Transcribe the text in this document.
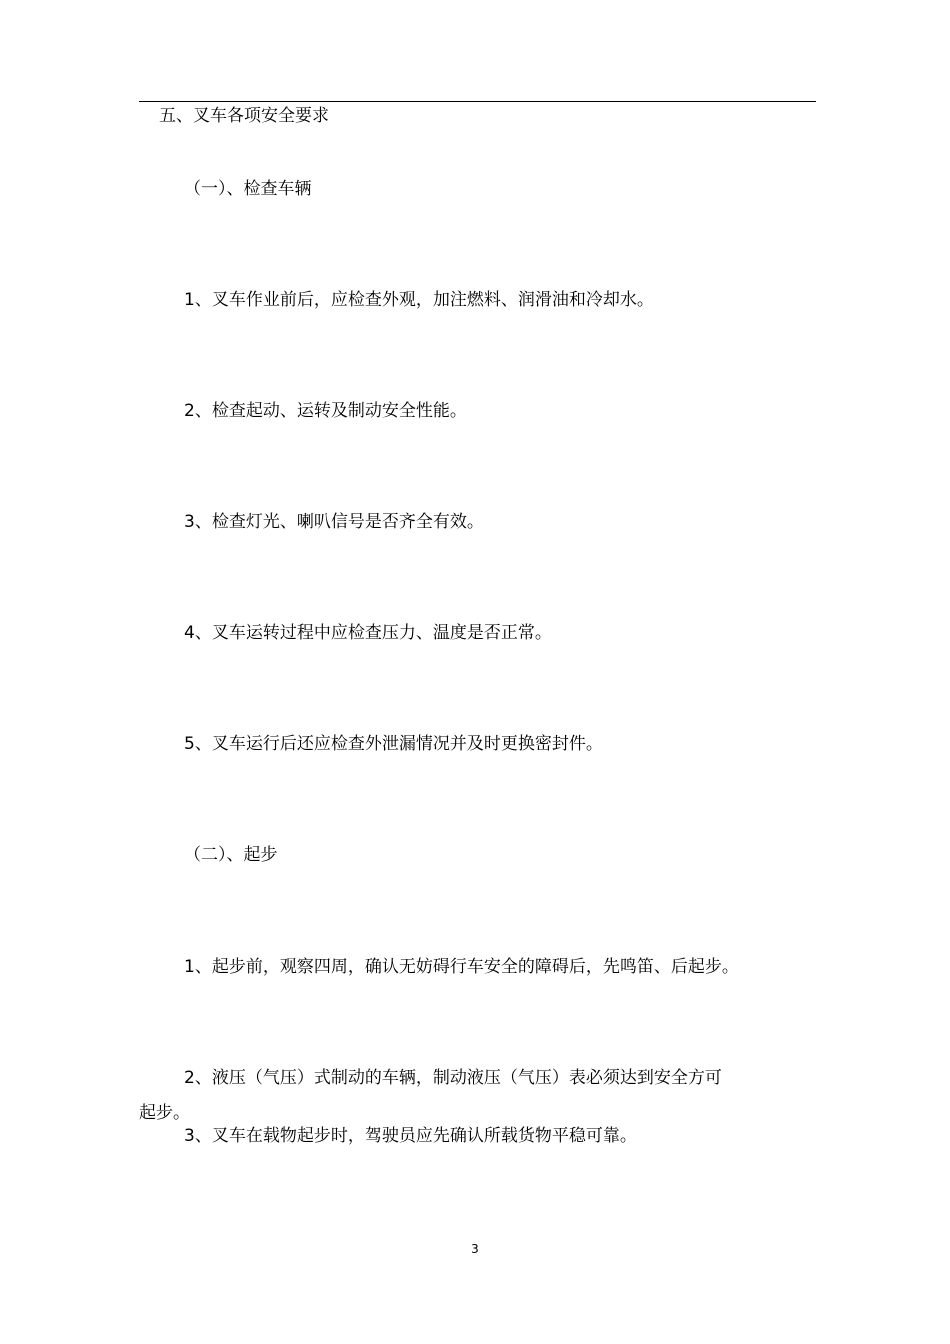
五、叉车各项安全要求
（一）、检查车辆
1、叉车作业前后，应检查外观，加注燃料、润滑油和冷却水。
2、检查起动、运转及制动安全性能。
3、检查灯光、喇叭信号是否齐全有效。
4、叉车运转过程中应检查压力、温度是否正常。
5、叉车运行后还应检查外泄漏情况并及时更换密封件。
（二）、起步
1、起步前，观察四周，确认无妨碍行车安全的障碍后，先鸣笛、后起步。
2、液压（气压）式制动的车辆，制动液压（气压）表必须达到安全方可
起步。
3、叉车在载物起步时，驾驶员应先确认所载货物平稳可靠。
3
